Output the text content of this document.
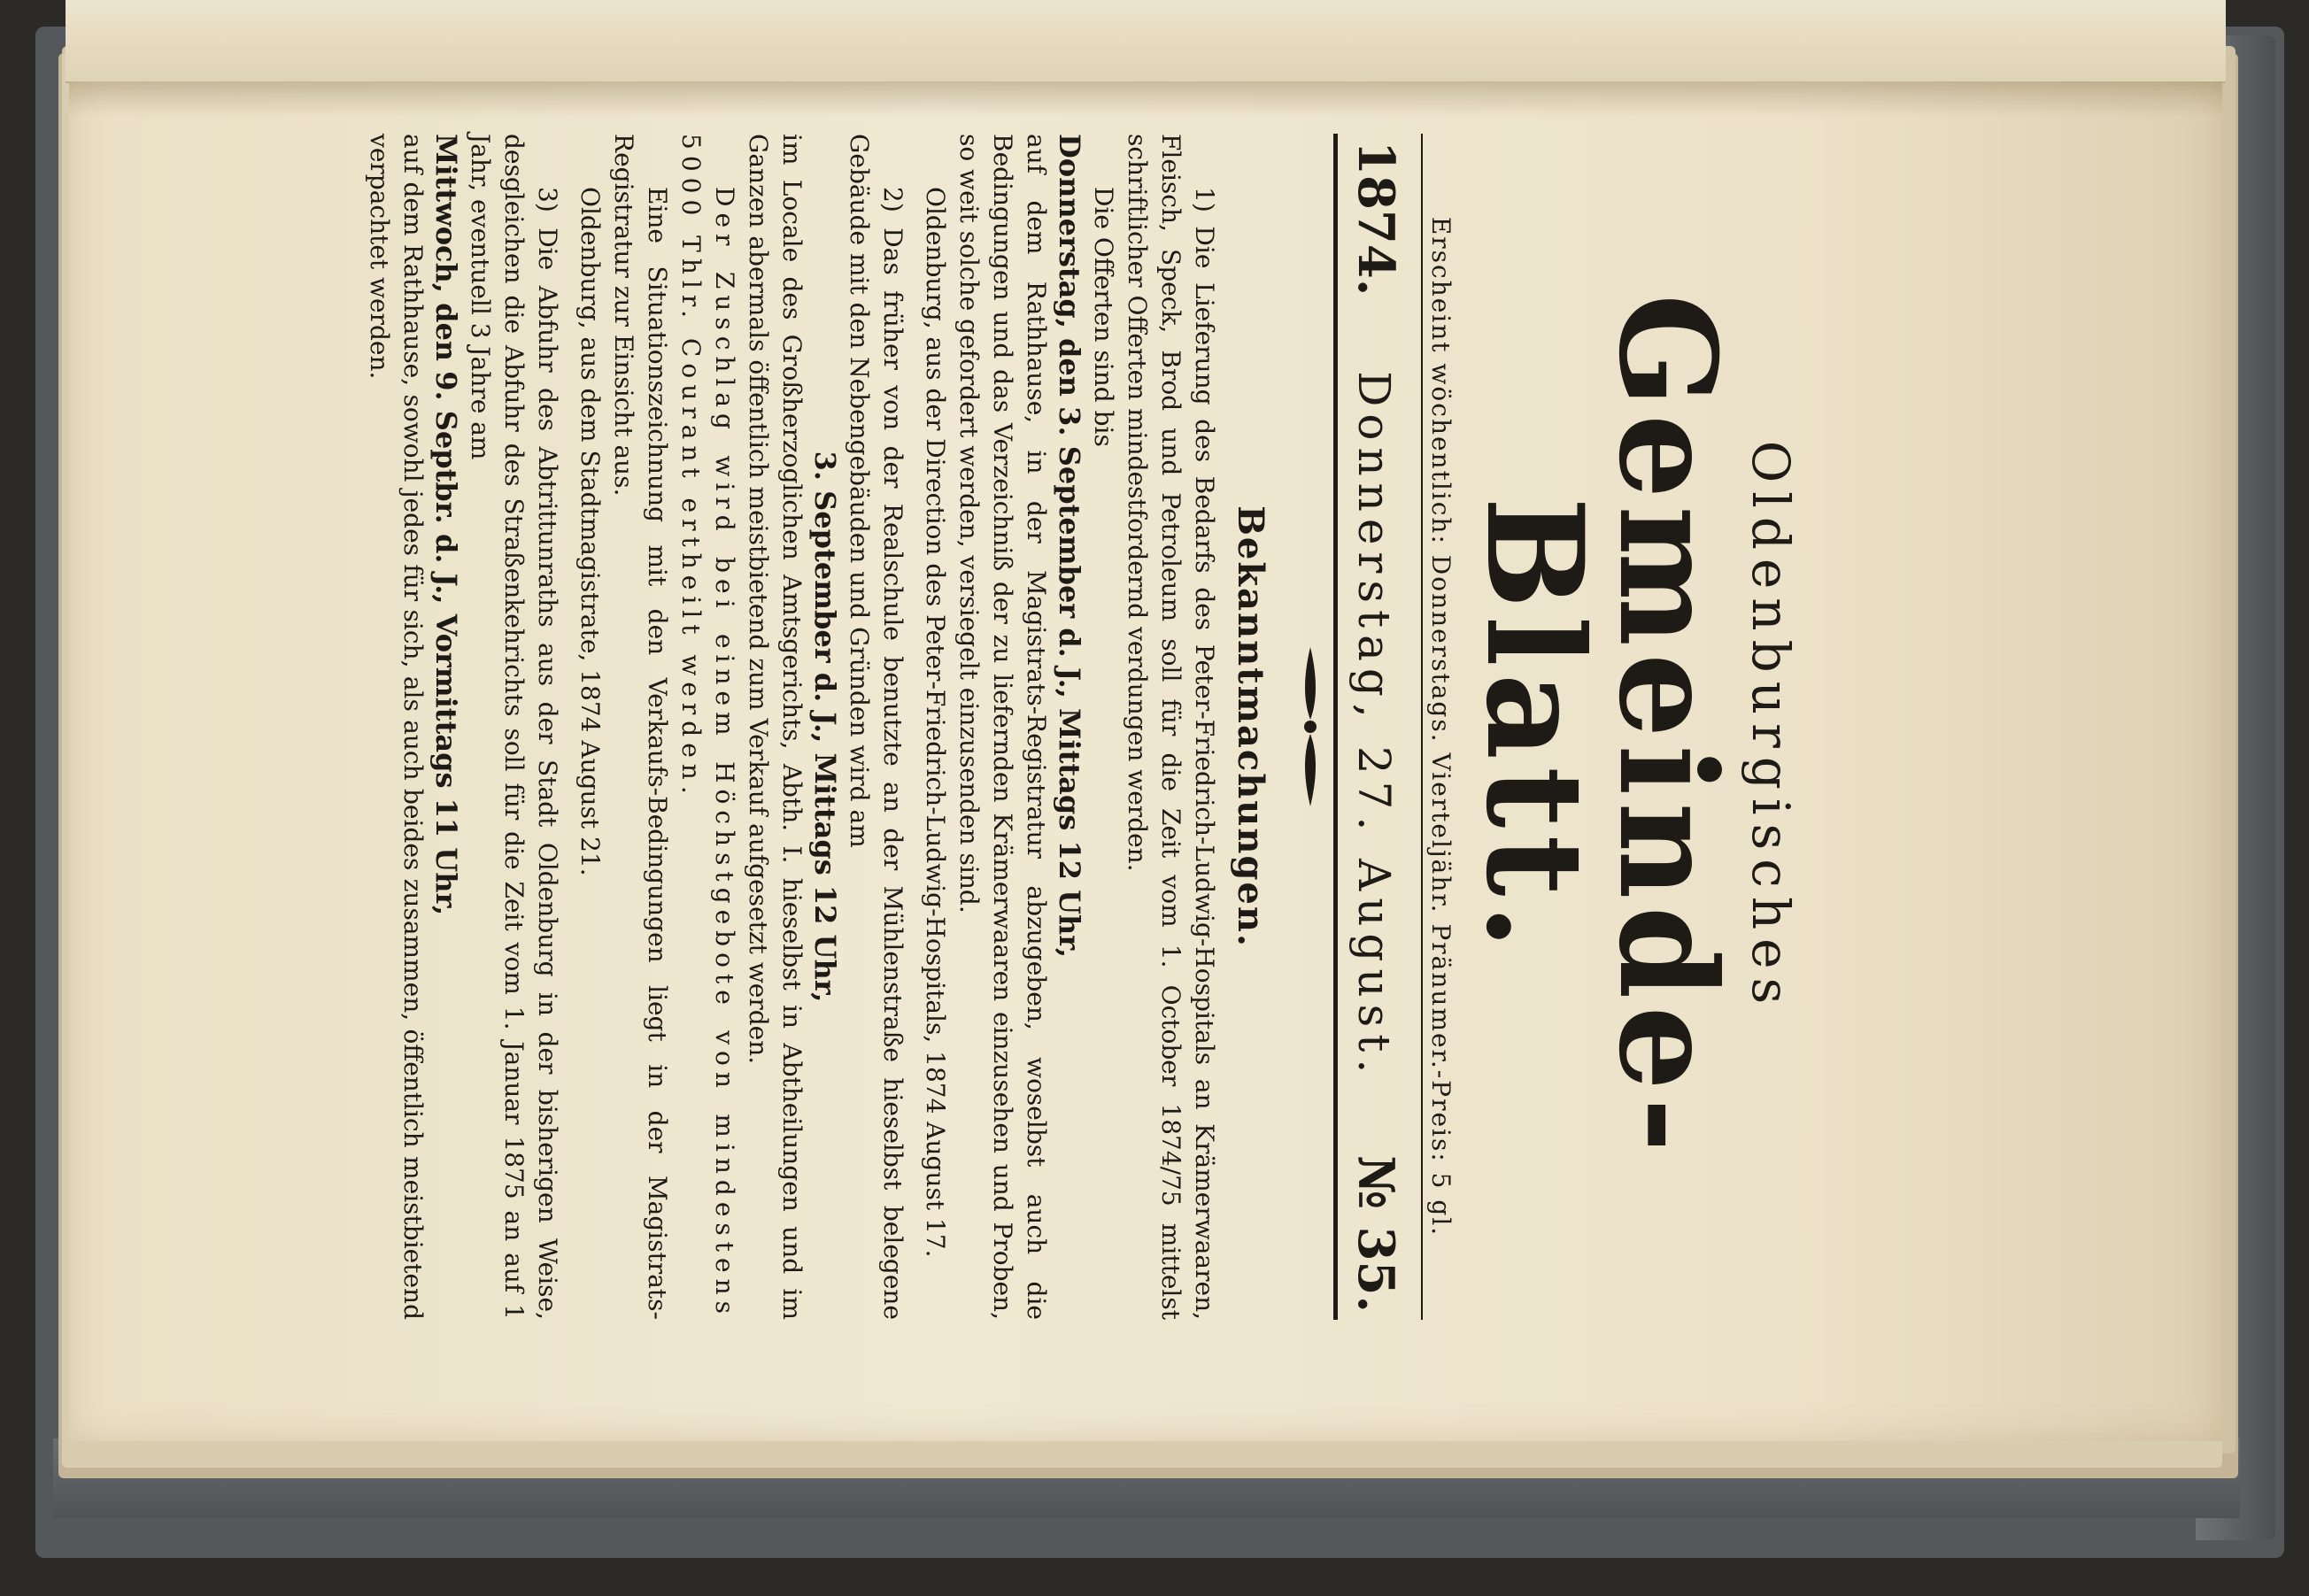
Oldenburgisches
Gemeinde-Blatt.
Erscheint wöchentlich: Donnerstags. Vierteljähr. Pränumer.-Preis: 5 gl.
1874.
Donnerstag, 27. August.
№ 35.
Bekanntmachungen.

1) Die Lieferung des Bedarfs des Peter-Friedrich-Ludwig-Hospitals an Krämerwaaren, Fleisch, Speck, Brod und Petroleum soll für die Zeit vom 1. October 1874/75 mittelst schriftlicher Offerten mindestfordernd verdungen werden.

Die Offerten sind bis

Donnerstag, den 3. September d. J., Mittags 12 Uhr,

auf dem Rathhause, in der Magistrats-Registratur abzugeben, woselbst auch die Bedingungen und das Verzeichniß der zu liefernden Krämerwaaren einzusehen und Proben, so weit solche gefordert werden, versiegelt einzusenden sind.

Oldenburg, aus der Direction des Peter-Friedrich-Ludwig-Hospitals, 1874 August 17.

2) Das früher von der Realschule benutzte an der Mühlenstraße hieselbst belegene Gebäude mit den Nebengebäuden und Gründen wird am

3. September d. J., Mittags 12 Uhr,

im Locale des Großherzoglichen Amtsgerichts, Abth. I. hieselbst in Abtheilungen und im Ganzen abermals öffentlich meistbietend zum Verkauf aufgesetzt werden.

Der Zuschlag wird bei einem Höchstgebote von mindestens 5000 Thlr. Courant ertheilt werden.

Eine Situationszeichnung mit den Verkaufs-Bedingungen liegt in der Magistrats-Registratur zur Einsicht aus.

Oldenburg, aus dem Stadtmagistrate, 1874 August 21.

3) Die Abfuhr des Abtrittunraths aus der Stadt Oldenburg in der bisherigen Weise, desgleichen die Abfuhr des Straßenkehrichts soll für die Zeit vom 1. Januar 1875 an auf 1 Jahr, eventuell 3 Jahre am

Mittwoch, den 9. Septbr. d. J., Vormittags 11 Uhr,

auf dem Rathhause, sowohl jedes für sich, als auch beides zusammen, öffentlich meistbietend verpachtet werden.
